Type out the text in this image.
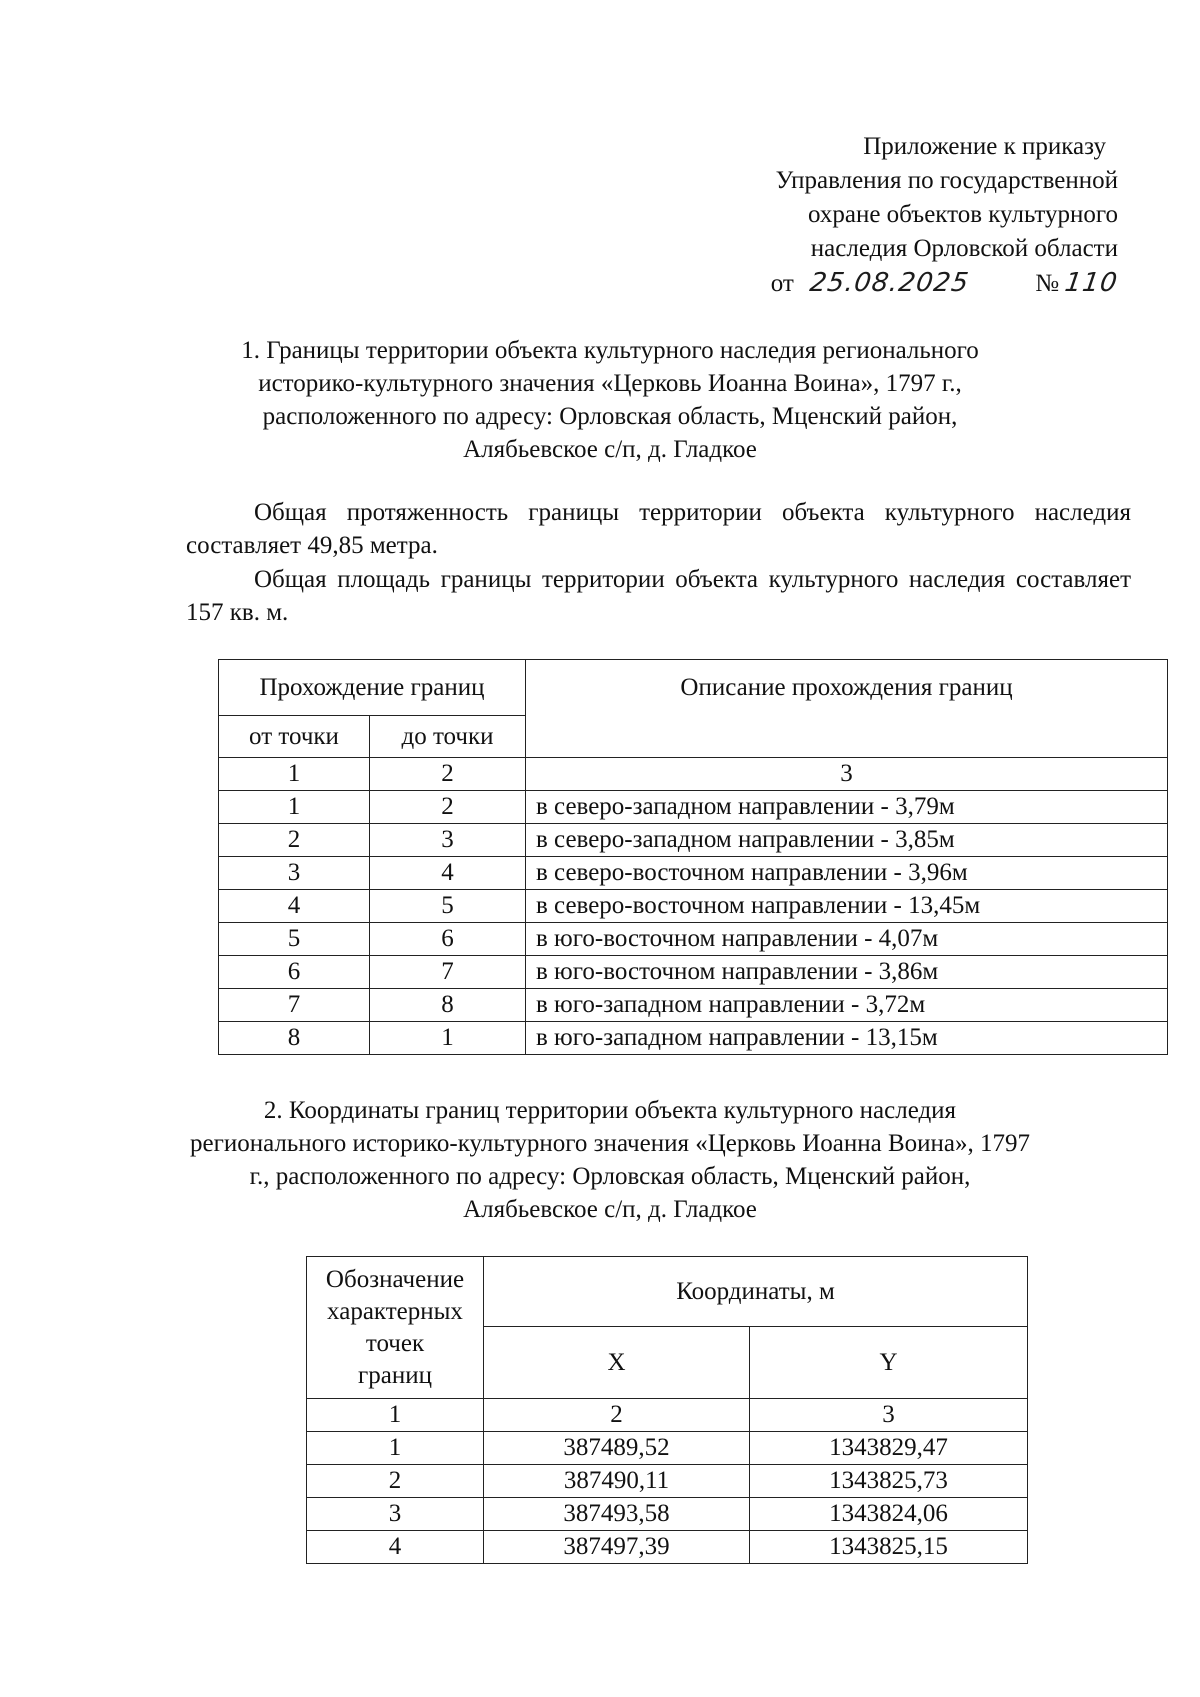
Приложение к приказу
Управления по государственной
охране объектов культурного
наследия Орловской области
от 25.08.2025	№ 110
1. Границы территории объекта культурного наследия регионального
историко-культурного значения «Церковь Иоанна Воина», 1797 г.,
расположенного по адресу: Орловская область, Мценский район,
Алябьевское с/п, д. Гладкое
Общая протяженность границы территории объекта культурного наследия составляет 49,85 метра.
Общая площадь границы территории объекта культурного наследия составляет 157 кв. м.
Прохождение границ		Описание прохождения границ
от точки	до точки	
1	2	3
1	2	в северо-западном направлении - 3,79м
2	3	в северо-западном направлении - 3,85м
3	4	в северо-восточном направлении - 3,96м
4	5	в северо-восточном направлении - 13,45м
5	6	в юго-восточном направлении - 4,07м
6	7	в юго-восточном направлении - 3,86м
7	8	в юго-западном направлении - 3,72м
8	1	в юго-западном направлении - 13,15м
2. Координаты границ территории объекта культурного наследия
регионального историко-культурного значения «Церковь Иоанна Воина», 1797
г., расположенного по адресу: Орловская область, Мценский район,
Алябьевское с/п, д. Гладкое
Обозначение
характерных
точек
границ	Координаты, м	
	X	Y
1	2	3
1	387489,52	1343829,47
2	387490,11	1343825,73
3	387493,58	1343824,06
4	387497,39	1343825,15
